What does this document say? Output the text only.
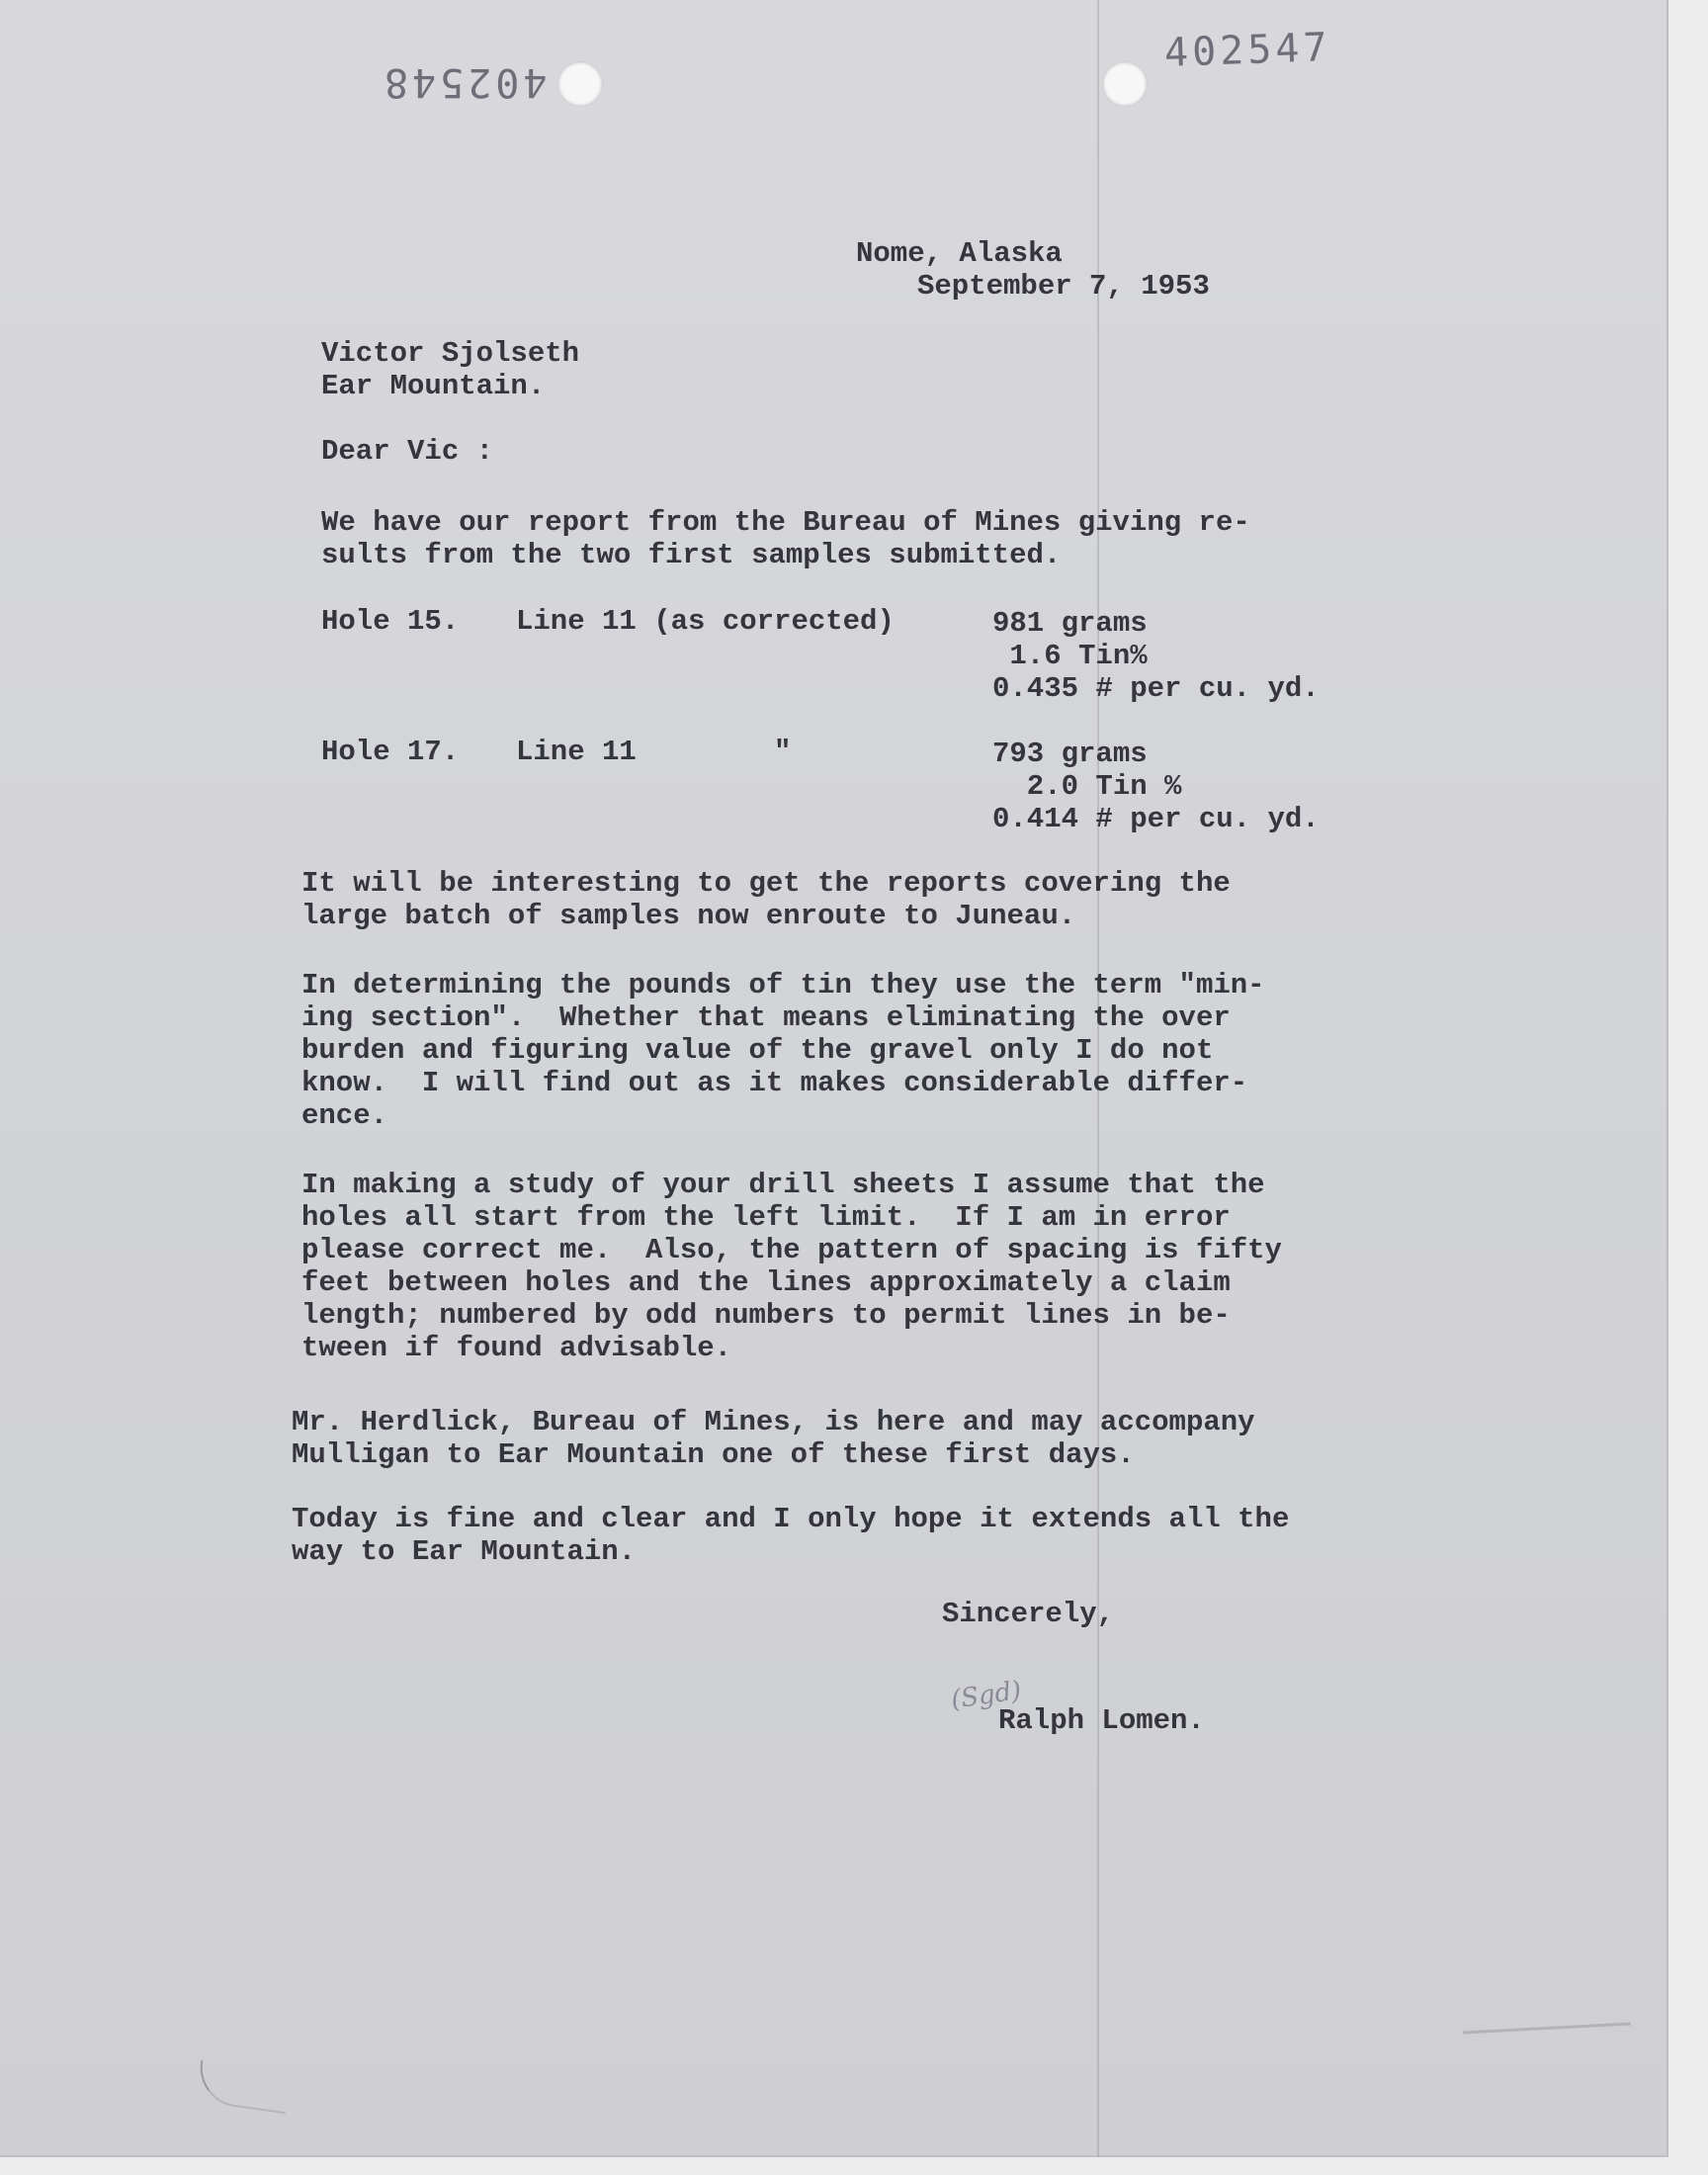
402548
402547

Nome, Alaska

September 7, 1953

Victor Sjolseth

Ear Mountain.

Dear Vic :

We have our report from the Bureau of Mines giving re-

sults from the two first samples submitted.

Hole 15. Line 11 (as corrected)	981 grams

1.6 Tin%

0.435 # per cu. yd.

Hole 17. Line 11        "	793 grams

2.0 Tin %

0.414 # per cu. yd.

It will be interesting to get the reports covering the

large batch of samples now enroute to Juneau.

In determining the pounds of tin they use the term "min-

ing section".  Whether that means eliminating the over

burden and figuring value of the gravel only I do not

know.  I will find out as it makes considerable differ-

ence.

In making a study of your drill sheets I assume that the

holes all start from the left limit.  If I am in error

please correct me.  Also, the pattern of spacing is fifty

feet between holes and the lines approximately a claim

length; numbered by odd numbers to permit lines in be-

tween if found advisable.

Mr. Herdlick, Bureau of Mines, is here and may accompany

Mulligan to Ear Mountain one of these first days.

Today is fine and clear and I only hope it extends all the

way to Ear Mountain.

Sincerely,

(Sgd)

Ralph Lomen.
